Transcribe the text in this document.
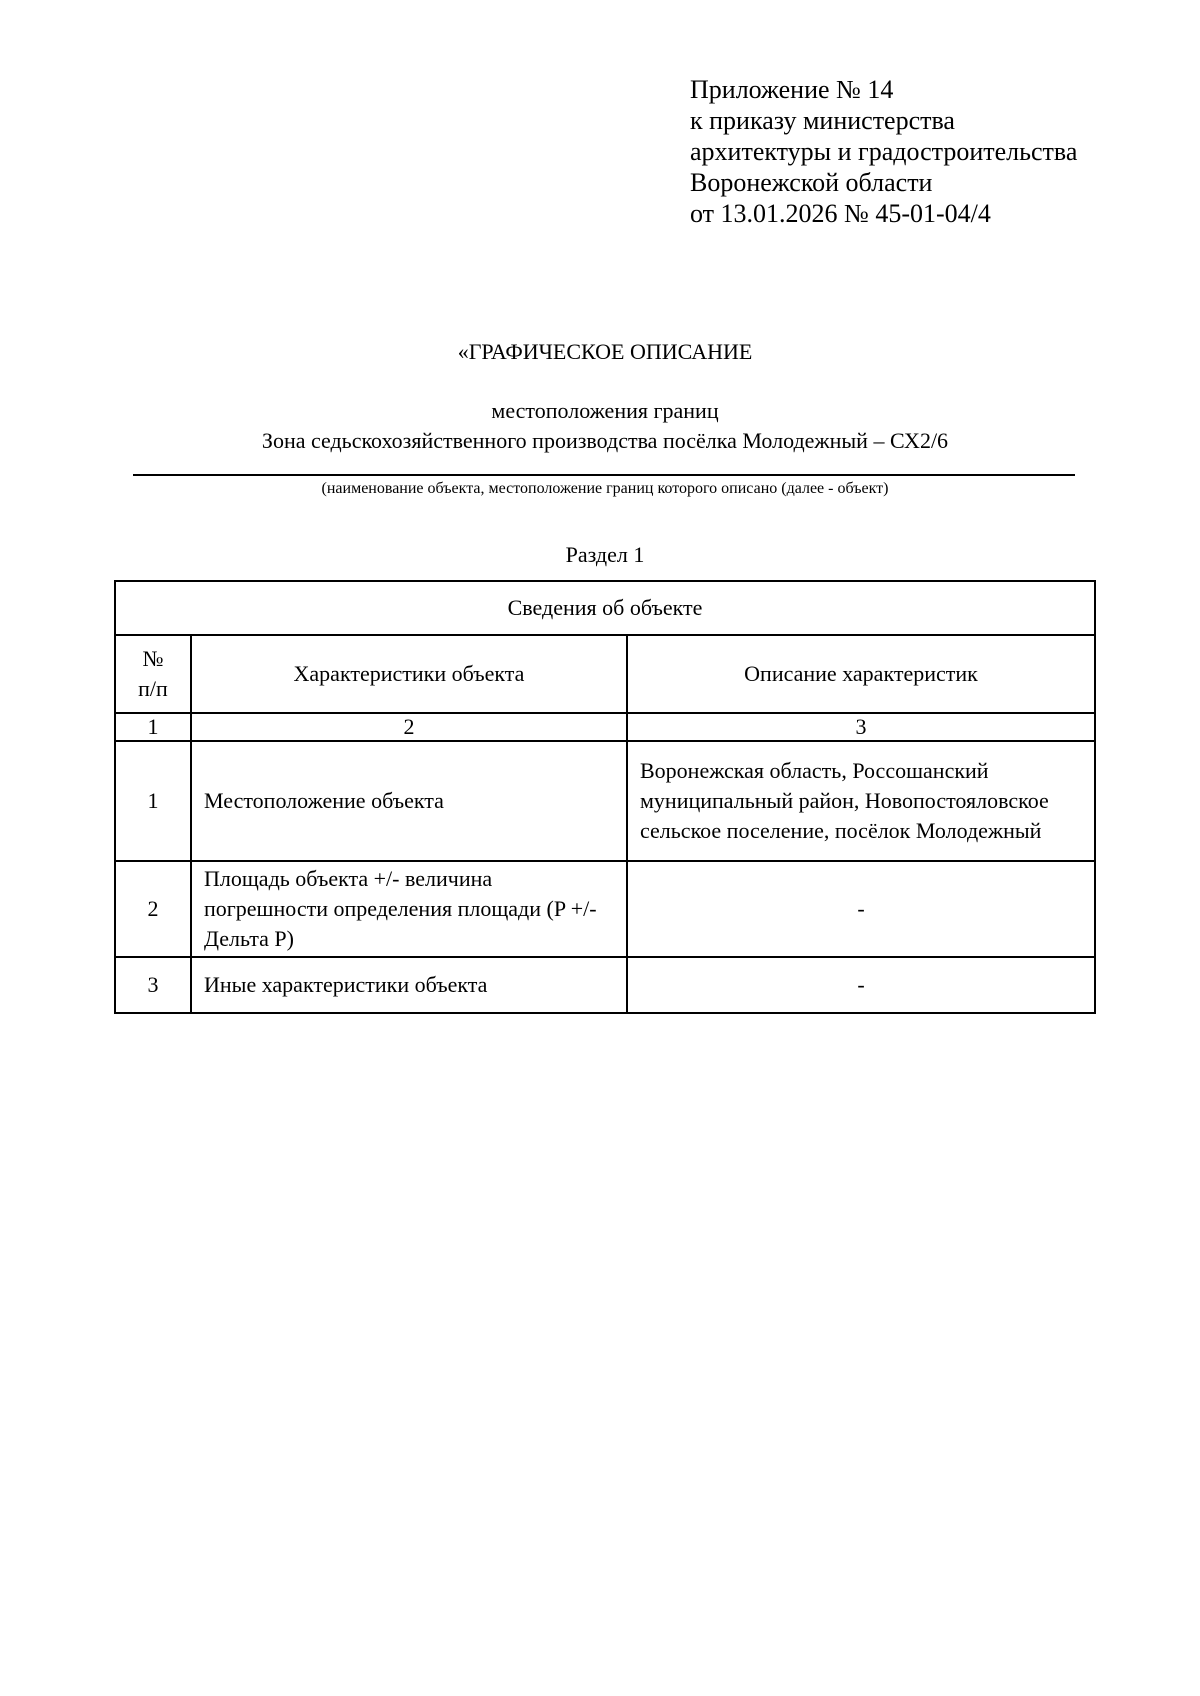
Приложение № 14
к приказу министерства
архитектуры и градостроительства
Воронежской области
от 13.01.2026 № 45-01-04/4
«ГРАФИЧЕСКОЕ ОПИСАНИЕ
местоположения границ
Зона седьскохозяйственного производства посёлка Молодежный – СХ2/6
(наименование объекта, местоположение границ которого описано (далее - объект)
Раздел 1
Сведения об объекте		

№
п/п	Характеристики объекта	Описание характеристик
1	2	3
1	Местоположение объекта	Воронежская область, Россошанский муниципальный район, Новопостояловское сельское поселение, посёлок Молодежный
2	Площадь объекта +/- величина погрешности определения площади (P +/- Дельта P)	-
3	Иные характеристики объекта	-
